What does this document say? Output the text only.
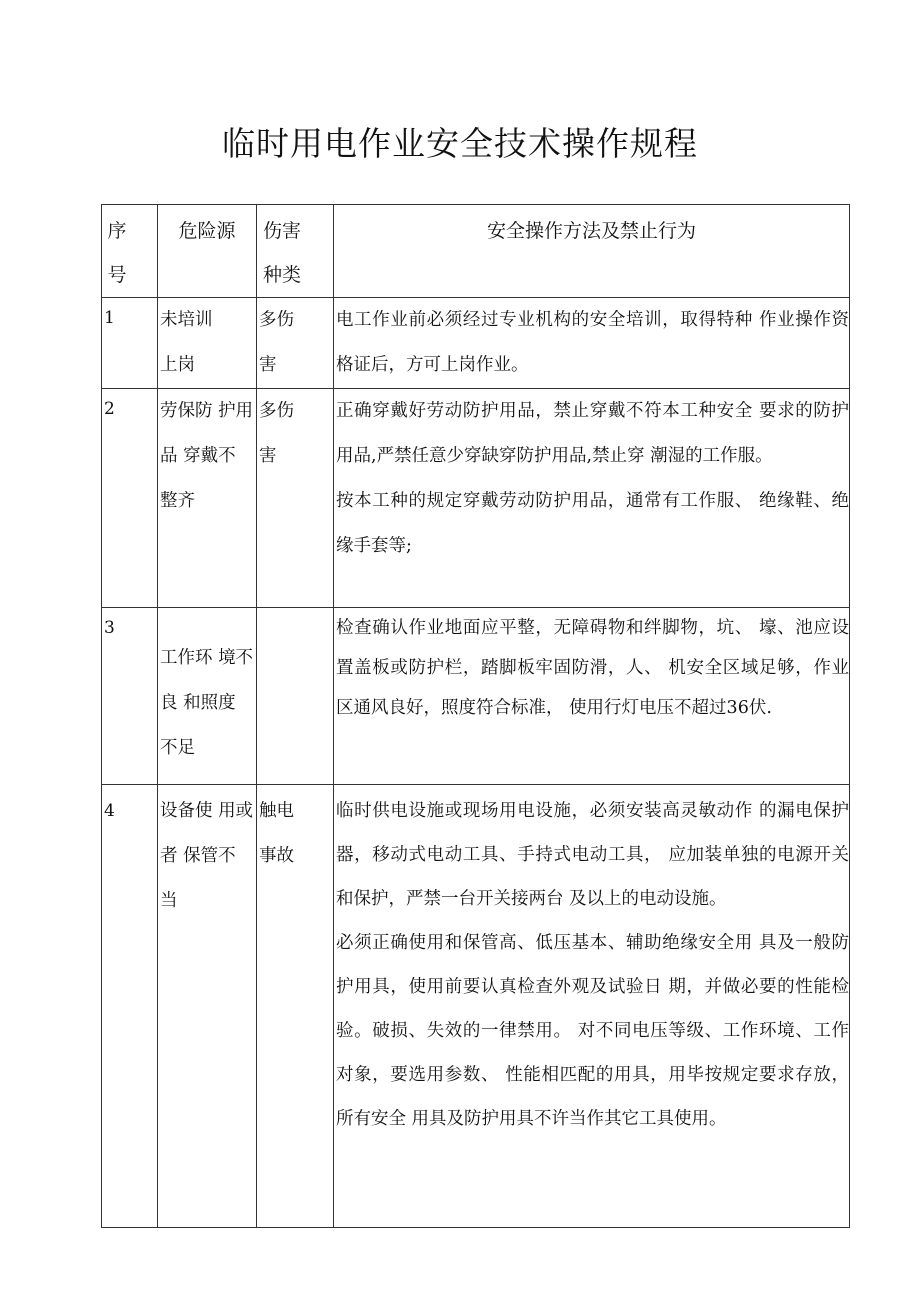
临时用电作业安全技术操作规程
序号	危险源	伤害种类	安全操作方法及禁止行为

1	未培训上岗	多伤害	电工作业前必须经过专业机构的安全培训，取得特种 作业操作资格证后，方可上岗作业。

2	劳保防 护用品 穿戴不 整齐	多伤害	正确穿戴好劳动防护用品，禁止穿戴不符本工种安全 要求的防护用品,严禁任意少穿缺穿防护用品,禁止穿 潮湿的工作服。

按本工种的规定穿戴劳动防护用品，通常有工作服、 绝缘鞋、绝缘手套等;

3	工作环 境不良 和照度 不足		检查确认作业地面应平整，无障碍物和绊脚物，坑、 壕、池应设置盖板或防护栏，踏脚板牢固防滑，人、 机安全区域足够，作业区通风良好，照度符合标准， 使用行灯电压不超过36伏.

4	设备使 用或者 保管不 当	触电事故	临时供电设施或现场用电设施，必须安装高灵敏动作 的漏电保护器，移动式电动工具、手持式电动工具， 应加装单独的电源开关和保护，严禁一台开关接两台 及以上的电动设施。

必须正确使用和保管高、低压基本、辅助绝缘安全用 具及一般防护用具，使用前要认真检查外观及试验日 期，并做必要的性能检验。破损、失效的一律禁用。 对不同电压等级、工作环境、工作对象，要选用参数、 性能相匹配的用具，用毕按规定要求存放，所有安全 用具及防护用具不许当作其它工具使用。
